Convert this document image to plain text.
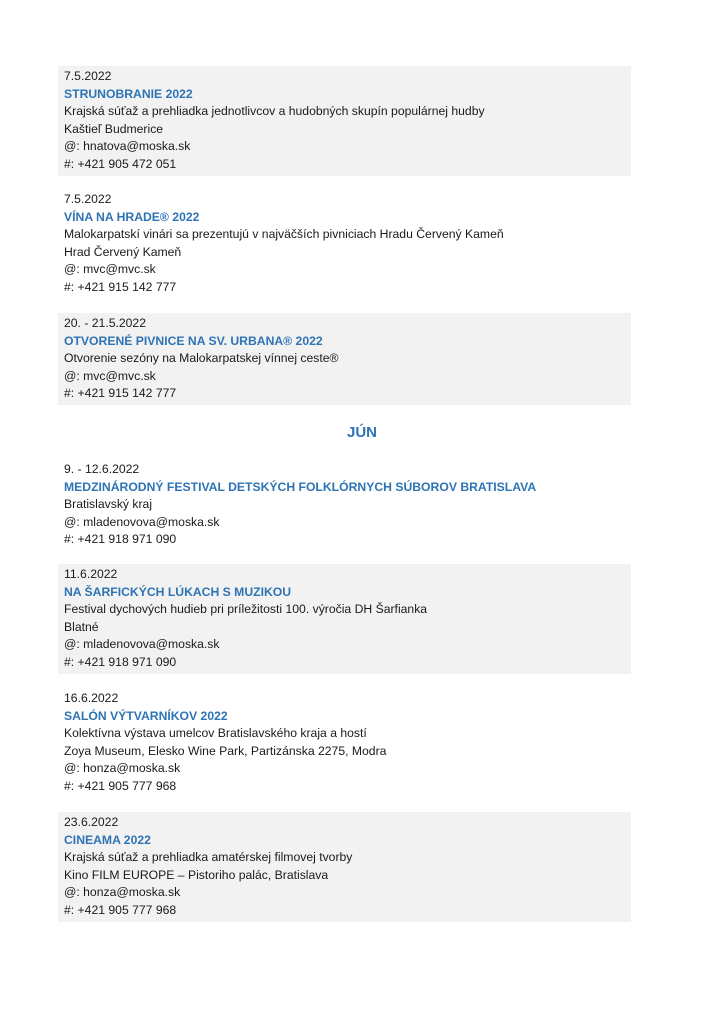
7.5.2022
STRUNOBRANIE 2022
Krajská súťaž a prehliadka jednotlivcov a hudobných skupín populárnej hudby
Kaštieľ Budmerice
@: hnatova@moska.sk
#: +421 905 472 051
7.5.2022
VÍNA NA HRADE® 2022
Malokarpatskí vinári sa prezentujú v najväčších pivniciach Hradu Červený Kameň
Hrad Červený Kameň
@: mvc@mvc.sk
#: +421 915 142 777
20. - 21.5.2022
OTVORENÉ PIVNICE NA SV. URBANA® 2022
Otvorenie sezóny na Malokarpatskej vínnej ceste®
@: mvc@mvc.sk
#: +421 915 142 777
JÚN
9. - 12.6.2022
MEDZINÁRODNÝ FESTIVAL DETSKÝCH FOLKLÓRNYCH SÚBOROV BRATISLAVA
Bratislavský kraj
@: mladenovova@moska.sk
#: +421 918 971 090
11.6.2022
NA ŠARFICKÝCH LÚKACH S MUZIKOU
Festival dychových hudieb pri príležitosti 100. výročia DH Šarfianka
Blatné
@: mladenovova@moska.sk
#: +421 918 971 090
16.6.2022
SALÓN VÝTVARNÍKOV 2022
Kolektívna výstava umelcov Bratislavského kraja a hostí
Zoya Museum, Elesko Wine Park, Partizánska 2275, Modra
@: honza@moska.sk
#: +421 905 777 968
23.6.2022
CINEAMA 2022
Krajská súťaž a prehliadka amatérskej filmovej tvorby
Kino FILM EUROPE – Pistoriho palác, Bratislava
@: honza@moska.sk
#: +421 905 777 968
